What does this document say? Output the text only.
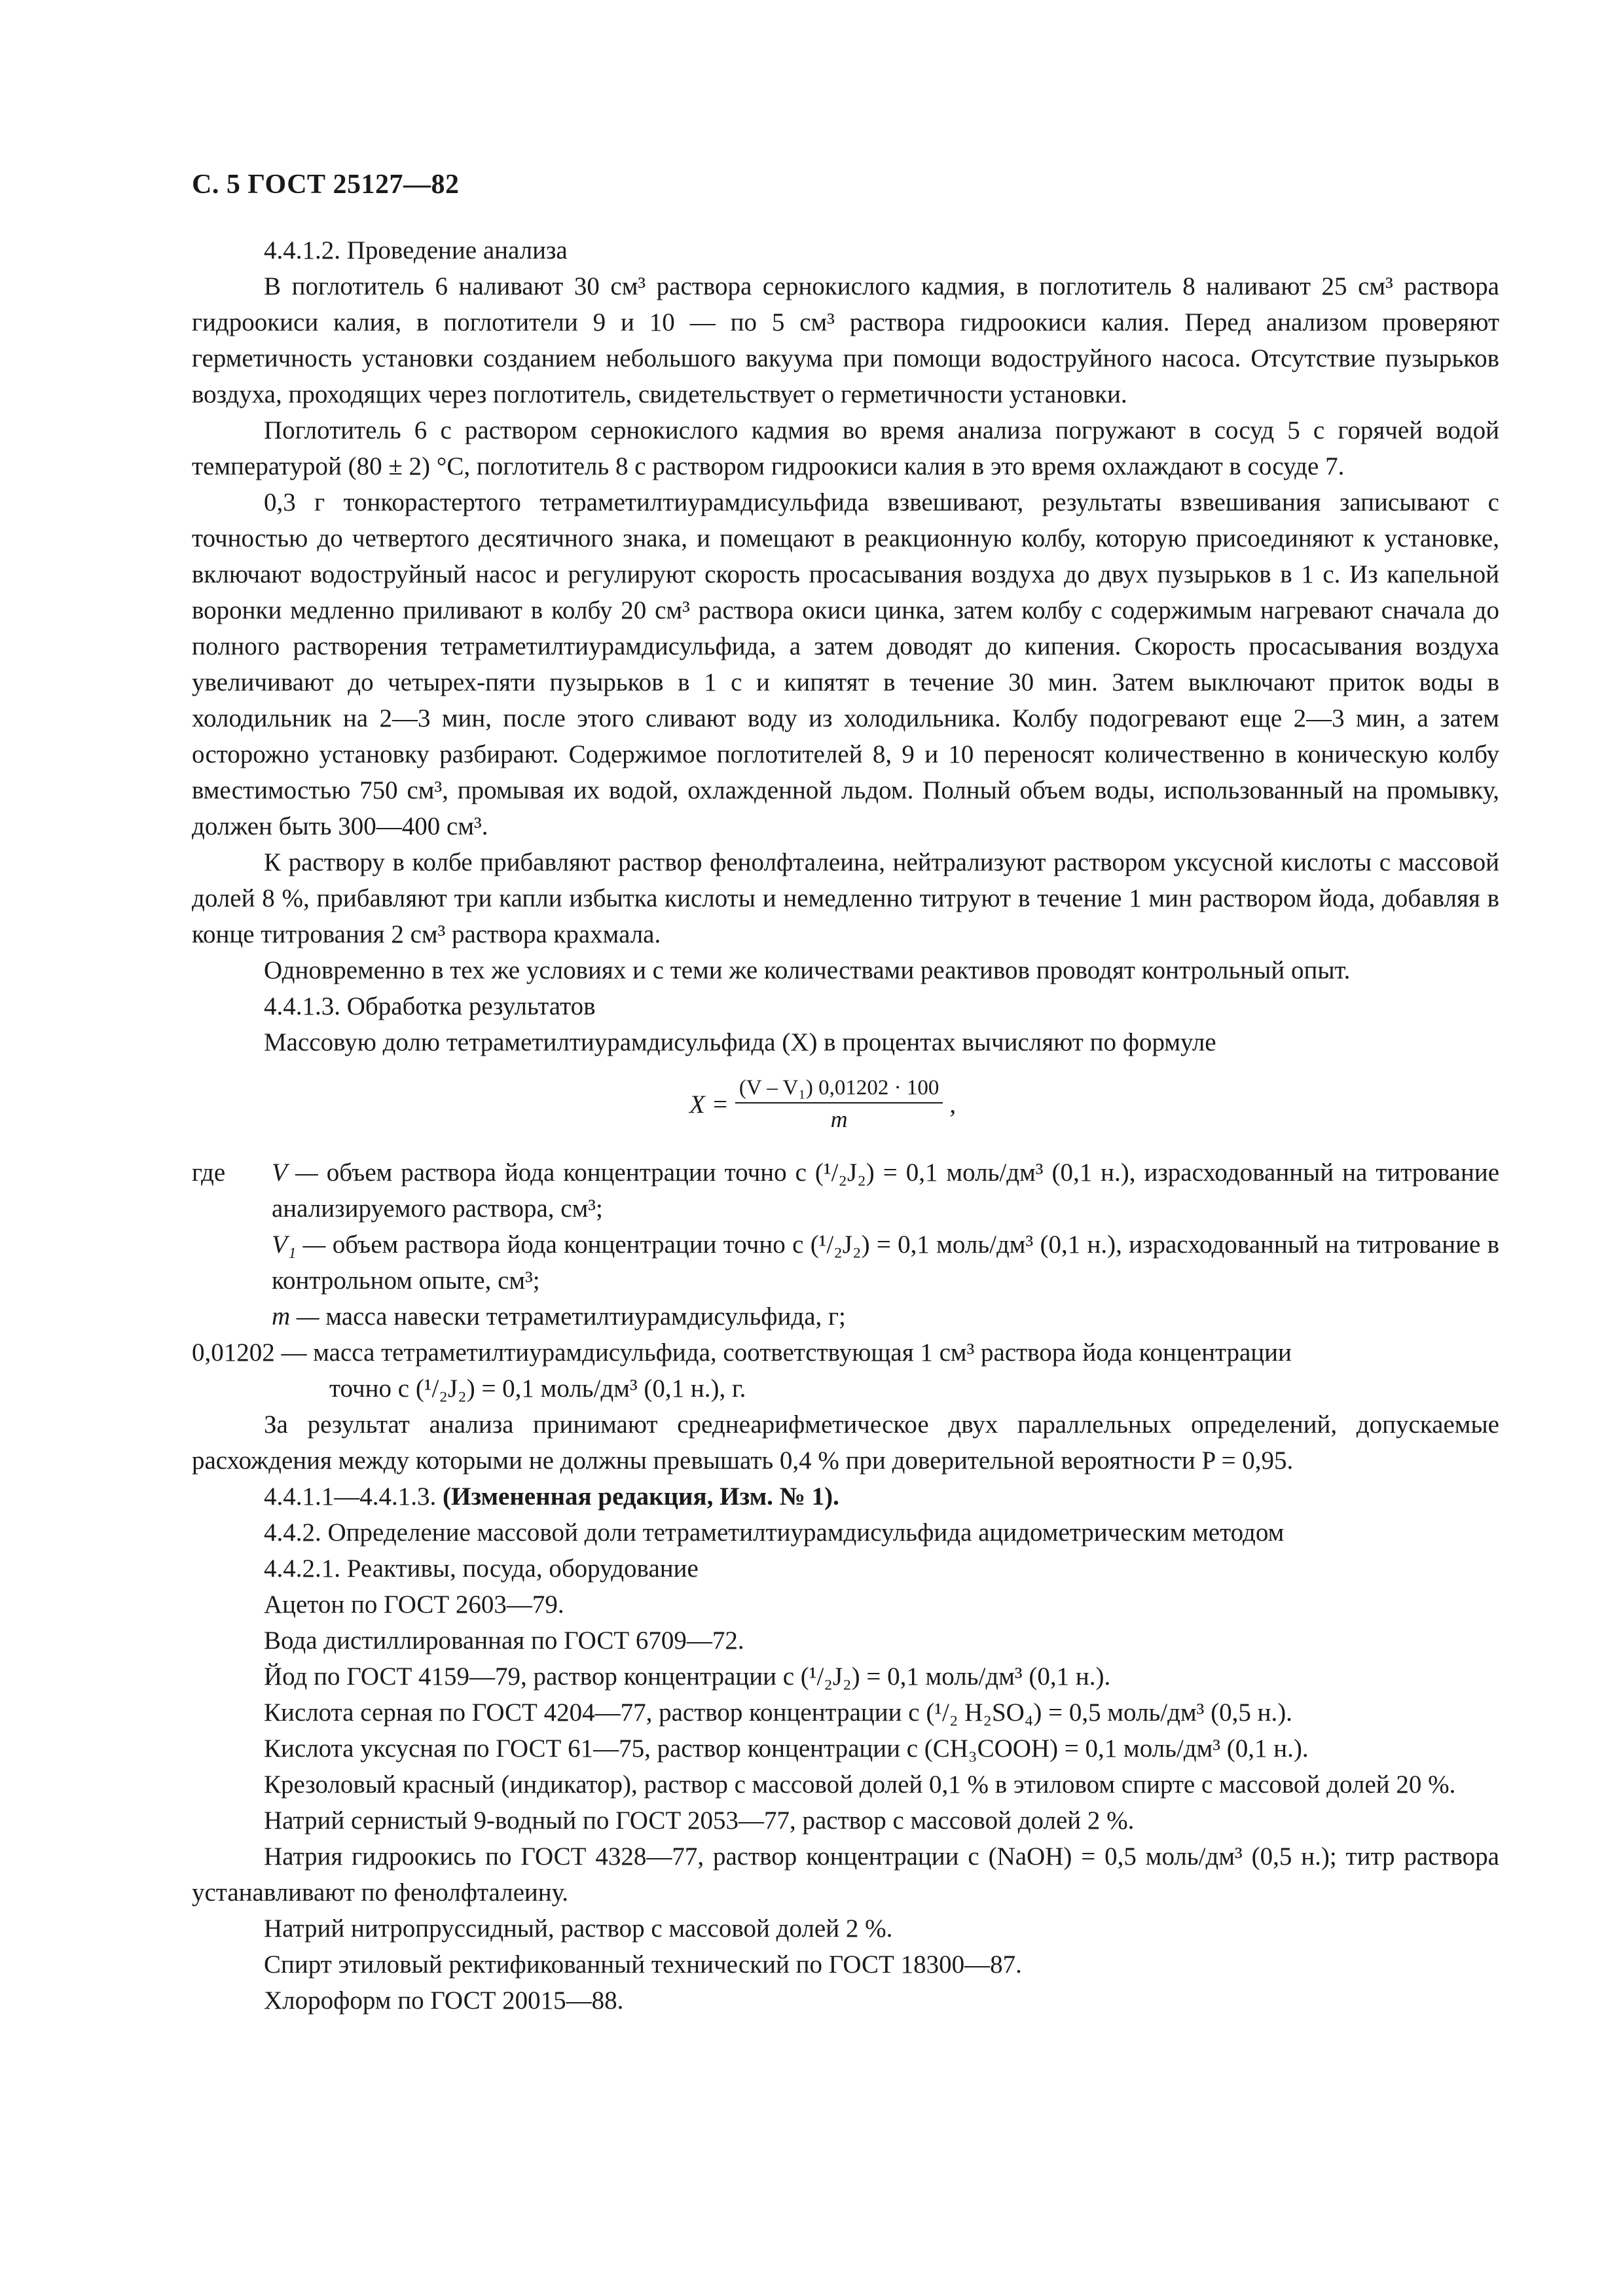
С. 5 ГОСТ 25127—82

4.4.1.2. Проведение анализа

В поглотитель 6 наливают 30 см³ раствора сернокислого кадмия, в поглотитель 8 наливают 25 см³ раствора гидроокиси калия, в поглотители 9 и 10 — по 5 см³ раствора гидроокиси калия. Перед анализом проверяют герметичность установки созданием небольшого вакуума при помощи водоструйного насоса. Отсутствие пузырьков воздуха, проходящих через поглотитель, свидетельствует о герметичности установки.

Поглотитель 6 с раствором сернокислого кадмия во время анализа погружают в сосуд 5 с горячей водой температурой (80 ± 2) °С, поглотитель 8 с раствором гидроокиси калия в это время охлаждают в сосуде 7.

0,3 г тонкорастертого тетраметилтиурамдисульфида взвешивают, результаты взвешивания записывают с точностью до четвертого десятичного знака, и помещают в реакционную колбу, которую присоединяют к установке, включают водоструйный насос и регулируют скорость просасывания воздуха до двух пузырьков в 1 с. Из капельной воронки медленно приливают в колбу 20 см³ раствора окиси цинка, затем колбу с содержимым нагревают сначала до полного растворения тетраметилтиурамдисульфида, а затем доводят до кипения. Скорость просасывания воздуха увеличивают до четырех-пяти пузырьков в 1 с и кипятят в течение 30 мин. Затем выключают приток воды в холодильник на 2—3 мин, после этого сливают воду из холодильника. Колбу подогревают еще 2—3 мин, а затем осторожно установку разбирают. Содержимое поглотителей 8, 9 и 10 переносят количественно в коническую колбу вместимостью 750 см³, промывая их водой, охлажденной льдом. Полный объем воды, использованный на промывку, должен быть 300—400 см³.

К раствору в колбе прибавляют раствор фенолфталеина, нейтрализуют раствором уксусной кислоты с массовой долей 8 %, прибавляют три капли избытка кислоты и немедленно титруют в течение 1 мин раствором йода, добавляя в конце титрования 2 см³ раствора крахмала.

Одновременно в тех же условиях и с теми же количествами реактивов проводят контрольный опыт.

4.4.1.3. Обработка результатов

Массовую долю тетраметилтиурамдисульфида (X) в процентах вычисляют по формуле

$X = \frac{\text{(V – V₁) 0,01202 · 100}}{m}$ ,
где V — объем раствора йода концентрации точно c (¹/₂J₂) = 0,1 моль/дм³ (0,1 н.), израсходованный на титрование анализируемого раствора, см³;
V₁ — объем раствора йода концентрации точно c (¹/₂J₂) = 0,1 моль/дм³ (0,1 н.), израсходованный на титрование в контрольном опыте, см³;
m — масса навески тетраметилтиурамдисульфида, г;

0,01202 — масса тетраметилтиурамдисульфида, соответствующая 1 см³ раствора йода концентрации

точно c (¹/₂J₂) = 0,1 моль/дм³ (0,1 н.), г.

За результат анализа принимают среднеарифметическое двух параллельных определений, допускаемые расхождения между которыми не должны превышать 0,4 % при доверительной вероятности P = 0,95.

4.4.1.1—4.4.1.3. (Измененная редакция, Изм. № 1).

4.4.2. Определение массовой доли тетраметилтиурамдисульфида ацидометрическим методом

4.4.2.1. Реактивы, посуда, оборудование

Ацетон по ГОСТ 2603—79.

Вода дистиллированная по ГОСТ 6709—72.

Йод по ГОСТ 4159—79, раствор концентрации c (¹/₂J₂) = 0,1 моль/дм³ (0,1 н.).

Кислота серная по ГОСТ 4204—77, раствор концентрации c (¹/₂ H₂SO₄) = 0,5 моль/дм³ (0,5 н.).

Кислота уксусная по ГОСТ 61—75, раствор концентрации c (CH₃COOH) = 0,1 моль/дм³ (0,1 н.).

Крезоловый красный (индикатор), раствор с массовой долей 0,1 % в этиловом спирте с массовой долей 20 %.

Натрий сернистый 9-водный по ГОСТ 2053—77, раствор с массовой долей 2 %.

Натрия гидроокись по ГОСТ 4328—77, раствор концентрации c (NaOH) = 0,5 моль/дм³ (0,5 н.); титр раствора устанавливают по фенолфталеину.

Натрий нитропруссидный, раствор с массовой долей 2 %.

Спирт этиловый ректификованный технический по ГОСТ 18300—87.

Хлороформ по ГОСТ 20015—88.
